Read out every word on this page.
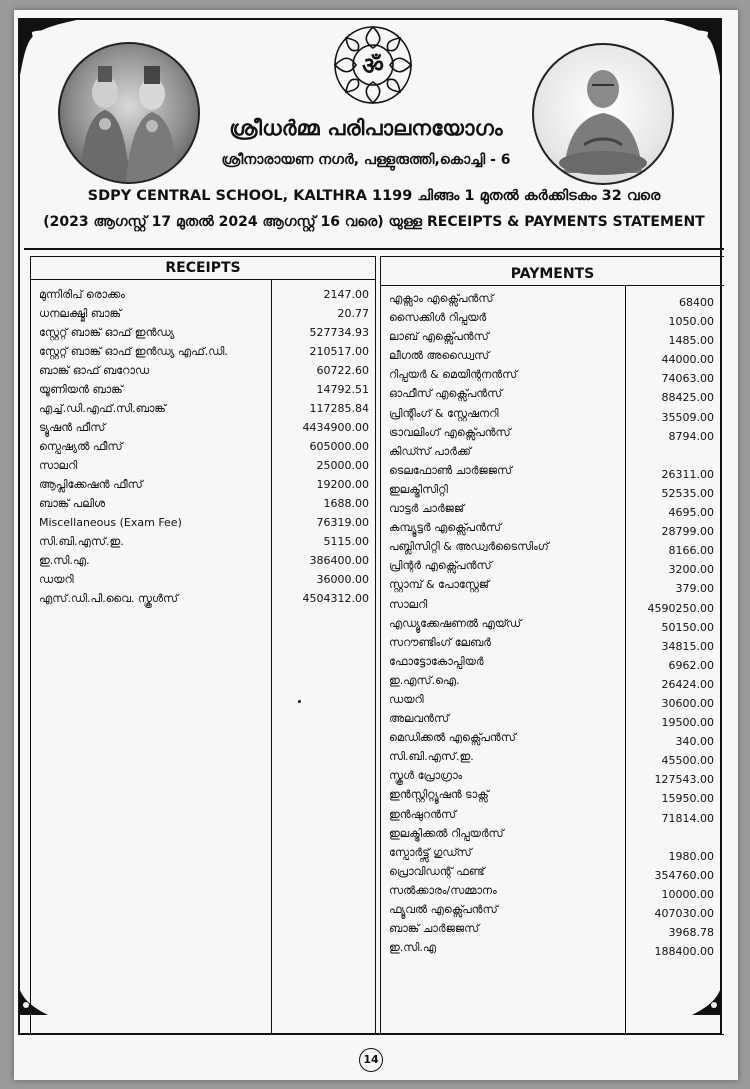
ॐ
ശ്രീധർമ്മ പരിപാലനയോഗം
ശ്രീനാരായണ നഗർ, പള്ളുരുത്തി,കൊച്ചി - 6
SDPY CENTRAL SCHOOL, KALTHRA 1199 ചിങ്ങം 1 മുതൽ കർക്കിടകം 32 വരെ
(2023 ആഗസ്റ്റ് 17 മുതൽ 2024 ആഗസ്റ്റ് 16 വരെ) യുള്ള RECEIPTS & PAYMENTS STATEMENT
RECEIPTS
മുന്നിരിപ് രൊക്കം	2147.00
ധനലക്ഷ്മി ബാങ്ക്	20.77
സ്റ്റേറ്റ് ബാങ്ക് ഓഫ് ഇൻഡ്യ	527734.93
സ്റ്റേറ്റ് ബാങ്ക് ഓഫ് ഇൻഡ്യ എഫ്.ഡി.	210517.00
ബാങ്ക് ഓഫ് ബറോഡ	60722.60
യൂണിയൻ ബാങ്ക്	14792.51
എച്ച്.ഡി.എഫ്.സി.ബാങ്ക്	117285.84
ട്യൂഷൻ ഫീസ്	4434900.00
സ്പെഷ്യൽ ഫീസ്	605000.00
സാലറി	25000.00
ആപ്ലിക്കേഷൻ ഫീസ്	19200.00
ബാങ്ക് പലിശ	1688.00
Miscellaneous (Exam Fee)	76319.00
സി.ബി.എസ്.ഇ.	5115.00
ഇ.സി.എ.	386400.00
ഡയറി	36000.00
എസ്.ഡി.പി.വൈ. സ്കൂൾസ്	4504312.00
PAYMENTS
എക്സാം എക്സ്പെൻസ്	68400
സൈക്കിൾ റിപ്പയർ	1050.00
ലാബ് എക്സ്പെൻസ്	1485.00
ലീഗൽ അഡ്വൈസ്	44000.00
റിപ്പയർ & മെയിന്റനൻസ്	74063.00
ഓഫീസ് എക്സ്പെൻസ്	88425.00
പ്രിന്റിംഗ് & സ്റ്റേഷനറി	35509.00
ട്രാവലിംഗ് എക്സ്പെൻസ്	8794.00
കിഡ്സ് പാർക്ക്
ടെലഫോൺ ചാർജജസ്	26311.00
ഇലക്ട്രിസിറ്റി	52535.00
വാട്ടർ ചാർജജ്	4695.00
കമ്പ്യൂട്ടർ എക്സ്പെൻസ്	28799.00
പബ്ലിസിറ്റി & അഡ്വർടൈസിംഗ്	8166.00
പ്രിന്റർ എക്സ്പെൻസ്	3200.00
സ്റ്റാമ്പ് & പോസ്റ്റേജ്	379.00
സാലറി	4590250.00
എഡ്യൂക്കേഷണൽ എയ്ഡ്	50150.00
സറൗണ്ടിംഗ് ലേബർ	34815.00
ഫോട്ടോകോപ്പിയർ	6962.00
ഇ.എസ്.ഐ.	26424.00
ഡയറി	30600.00
അലവൻസ്	19500.00
മെഡിക്കൽ എക്സ്പെൻസ്	340.00
സി.ബി.എസ്.ഇ.	45500.00
സ്കൂൾ പ്രോഗ്രാം	127543.00
ഇൻസ്റ്റിറ്റ്യൂഷൻ ടാക്സ്	15950.00
ഇൻഷുറൻസ്	71814.00
ഇലക്ട്രിക്കൽ റിപ്പയർസ്
സ്പോർട്ട്സ് ഗുഡ്സ്	1980.00
പ്രൊവിഡന്റ് ഫണ്ട്	354760.00
സൽക്കാരം/സമ്മാനം	10000.00
ഫ്യൂവൽ എക്സ്പെൻസ്	407030.00
ബാങ്ക് ചാർജജസ്	3968.78
ഇ.സി.എ	188400.00
14
